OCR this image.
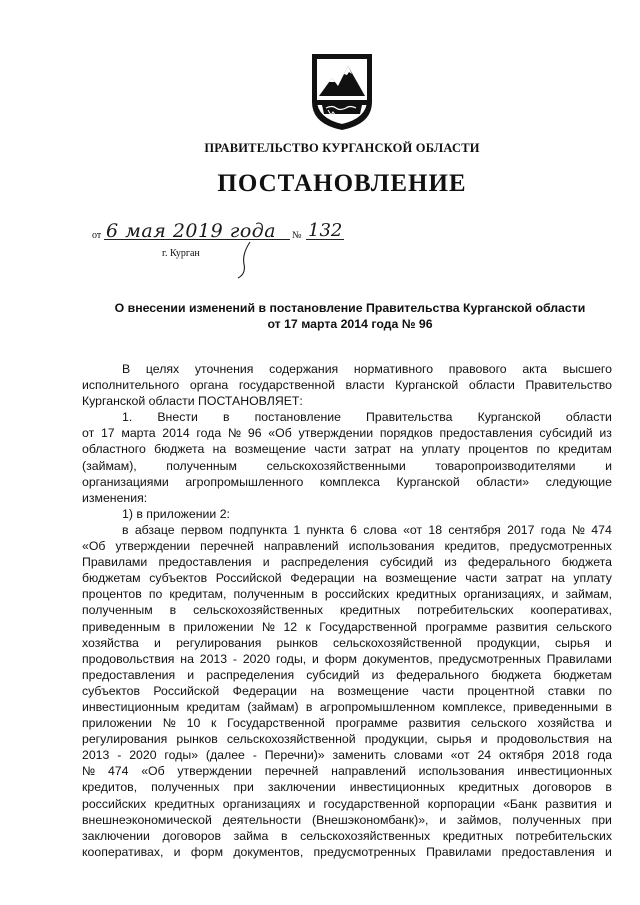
ПРАВИТЕЛЬСТВО КУРГАНСКОЙ ОБЛАСТИ
ПОСТАНОВЛЕНИЕ
от 6 мая 2019 года № 132
г. Курган
О внесении изменений в постановление Правительства Курганской области
от 17 марта 2014 года № 96
В целях уточнения содержания нормативного правового акта высшего
исполнительного органа государственной власти Курганской области Правительство
Курганской области ПОСТАНОВЛЯЕТ:
1. Внести в постановление Правительства Курганской области
от 17 марта 2014 года № 96 «Об утверждении порядков предоставления субсидий из
областного бюджета на возмещение части затрат на уплату процентов по кредитам
(займам), полученным сельскохозяйственными товаропроизводителями и
организациями агропромышленного комплекса Курганской области» следующие
изменения:
1) в приложении 2:
в абзаце первом подпункта 1 пункта 6 слова «от 18 сентября 2017 года № 474
«Об утверждении перечней направлений использования кредитов, предусмотренных
Правилами предоставления и распределения субсидий из федерального бюджета
бюджетам субъектов Российской Федерации на возмещение части затрат на уплату
процентов по кредитам, полученным в российских кредитных организациях, и займам,
полученным в сельскохозяйственных кредитных потребительских кооперативах,
приведенным в приложении № 12 к Государственной программе развития сельского
хозяйства и регулирования рынков сельскохозяйственной продукции, сырья и
продовольствия на 2013 - 2020 годы, и форм документов, предусмотренных Правилами
предоставления и распределения субсидий из федерального бюджета бюджетам
субъектов Российской Федерации на возмещение части процентной ставки по
инвестиционным кредитам (займам) в агропромышленном комплексе, приведенными в
приложении № 10 к Государственной программе развития сельского хозяйства и
регулирования рынков сельскохозяйственной продукции, сырья и продовольствия на
2013 - 2020 годы» (далее - Перечни)» заменить словами «от 24 октября 2018 года
№ 474 «Об утверждении перечней направлений использования инвестиционных
кредитов, полученных при заключении инвестиционных кредитных договоров в
российских кредитных организациях и государственной корпорации «Банк развития и
внешнеэкономической деятельности (Внешэкономбанк)», и займов, полученных при
заключении договоров займа в сельскохозяйственных кредитных потребительских
кооперативах, и форм документов, предусмотренных Правилами предоставления и
